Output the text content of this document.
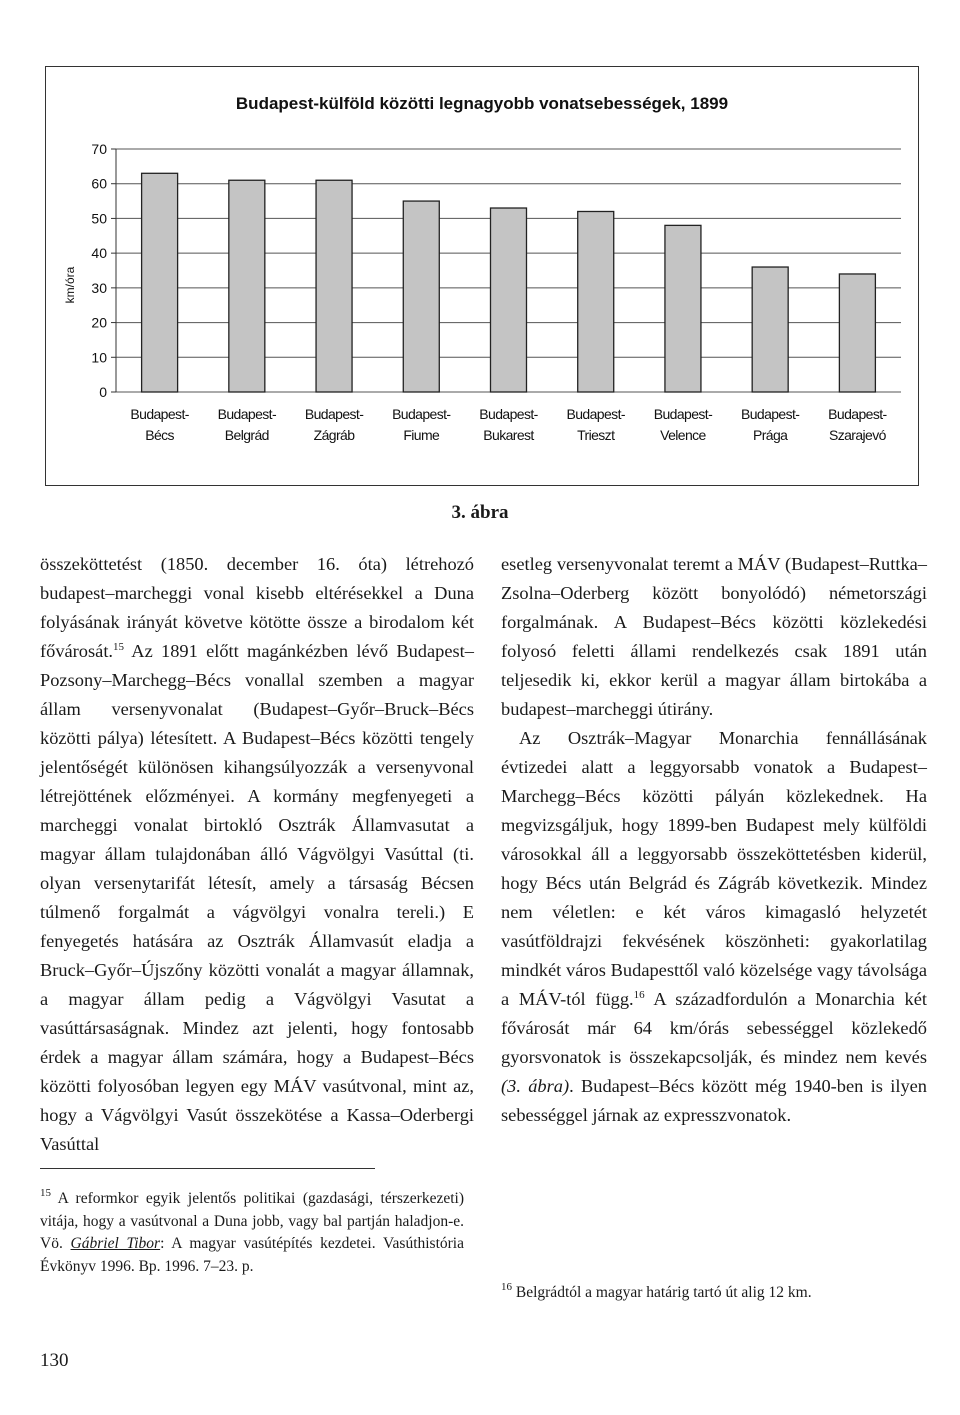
Budapest-külföld közötti legnagyobb vonatsebességek, 1899
km/óra
0
10
20
30
40
50
60
70
Budapest-
Bécs
Budapest-
Belgrád
Budapest-
Zágráb
Budapest-
Fiume
Budapest-
Bukarest
Budapest-
Trieszt
Budapest-
Velence
Budapest-
Prága
Budapest-
Szarajevó
3. ábra

összeköttetést (1850. december 16. óta) létrehozó budapest–marcheggi vonal kisebb eltérésekkel a Duna folyásának irányát követve kötötte össze a birodalom két fővárosát.$^{15}$ Az 1891 előtt magánkézben lévő Budapest–Pozsony–Marchegg–Bécs vonallal szemben a magyar állam versenyvonalat (Budapest–Győr–Bruck–Bécs közötti pálya) létesített. A Budapest–Bécs közötti tengely jelentőségét különösen kihangsúlyozzák a versenyvonal létrejöttének előzményei. A kormány megfenyegeti a marcheggi vonalat birtokló Osztrák Államvasutat a magyar állam tulajdonában álló Vágvölgyi Vasúttal (ti. olyan versenytarifát létesít, amely a társaság Bécsen túlmenő forgalmát a vágvölgyi vonalra tereli.) E fenyegetés hatására az Osztrák Államvasút eladja a Bruck–Győr–Újszőny közötti vonalát a magyar államnak, a magyar állam pedig a Vágvölgyi Vasutat a vasúttársaságnak. Mindez azt jelenti, hogy fontosabb érdek a magyar állam számára, hogy a Budapest–Bécs közötti folyosóban legyen egy MÁV vasútvonal, mint az, hogy a Vágvölgyi Vasút összekötése a Kassa–Oderbergi Vasúttal

esetleg versenyvonalat teremt a MÁV (Budapest–Ruttka–Zsolna–Oderberg között bonyolódó) németországi forgalmának. A Budapest–Bécs közötti közlekedési folyosó feletti állami rendelkezés csak 1891 után teljesedik ki, ekkor kerül a magyar állam birtokába a budapest–marcheggi útirány.

Az Osztrák–Magyar Monarchia fennállásának évtizedei alatt a leggyorsabb vonatok a Budapest–Marchegg–Bécs közötti pályán közlekednek. Ha megvizsgáljuk, hogy 1899-ben Budapest mely külföldi városokkal áll a leggyorsabb összeköttetésben kiderül, hogy Bécs után Belgrád és Zágráb következik. Mindez nem véletlen: e két város kimagasló helyzetét vasútföldrajzi fekvésének köszönheti: gyakorlatilag mindkét város Budapesttől való közelsége vagy távolsága a MÁV-tól függ.$^{16}$ A századfordulón a Monarchia két fővárosát már 64 km/órás sebességgel közlekedő gyorsvonatok is összekapcsolják, és mindez nem kevés (3. ábra). Budapest–Bécs között még 1940-ben is ilyen sebességgel járnak az expresszvonatok.

$^{15}$ A reformkor egyik jelentős politikai (gazdasági, térszerkezeti) vitája, hogy a vasútvonal a Duna jobb, vagy bal partján haladjon-e. Vö. Gábriel Tibor: A magyar vasútépítés kezdetei. Vasúthistória Évkönyv 1996. Bp. 1996. 7–23. p.

$^{16}$ Belgrádtól a magyar határig tartó út alig 12 km.

130
